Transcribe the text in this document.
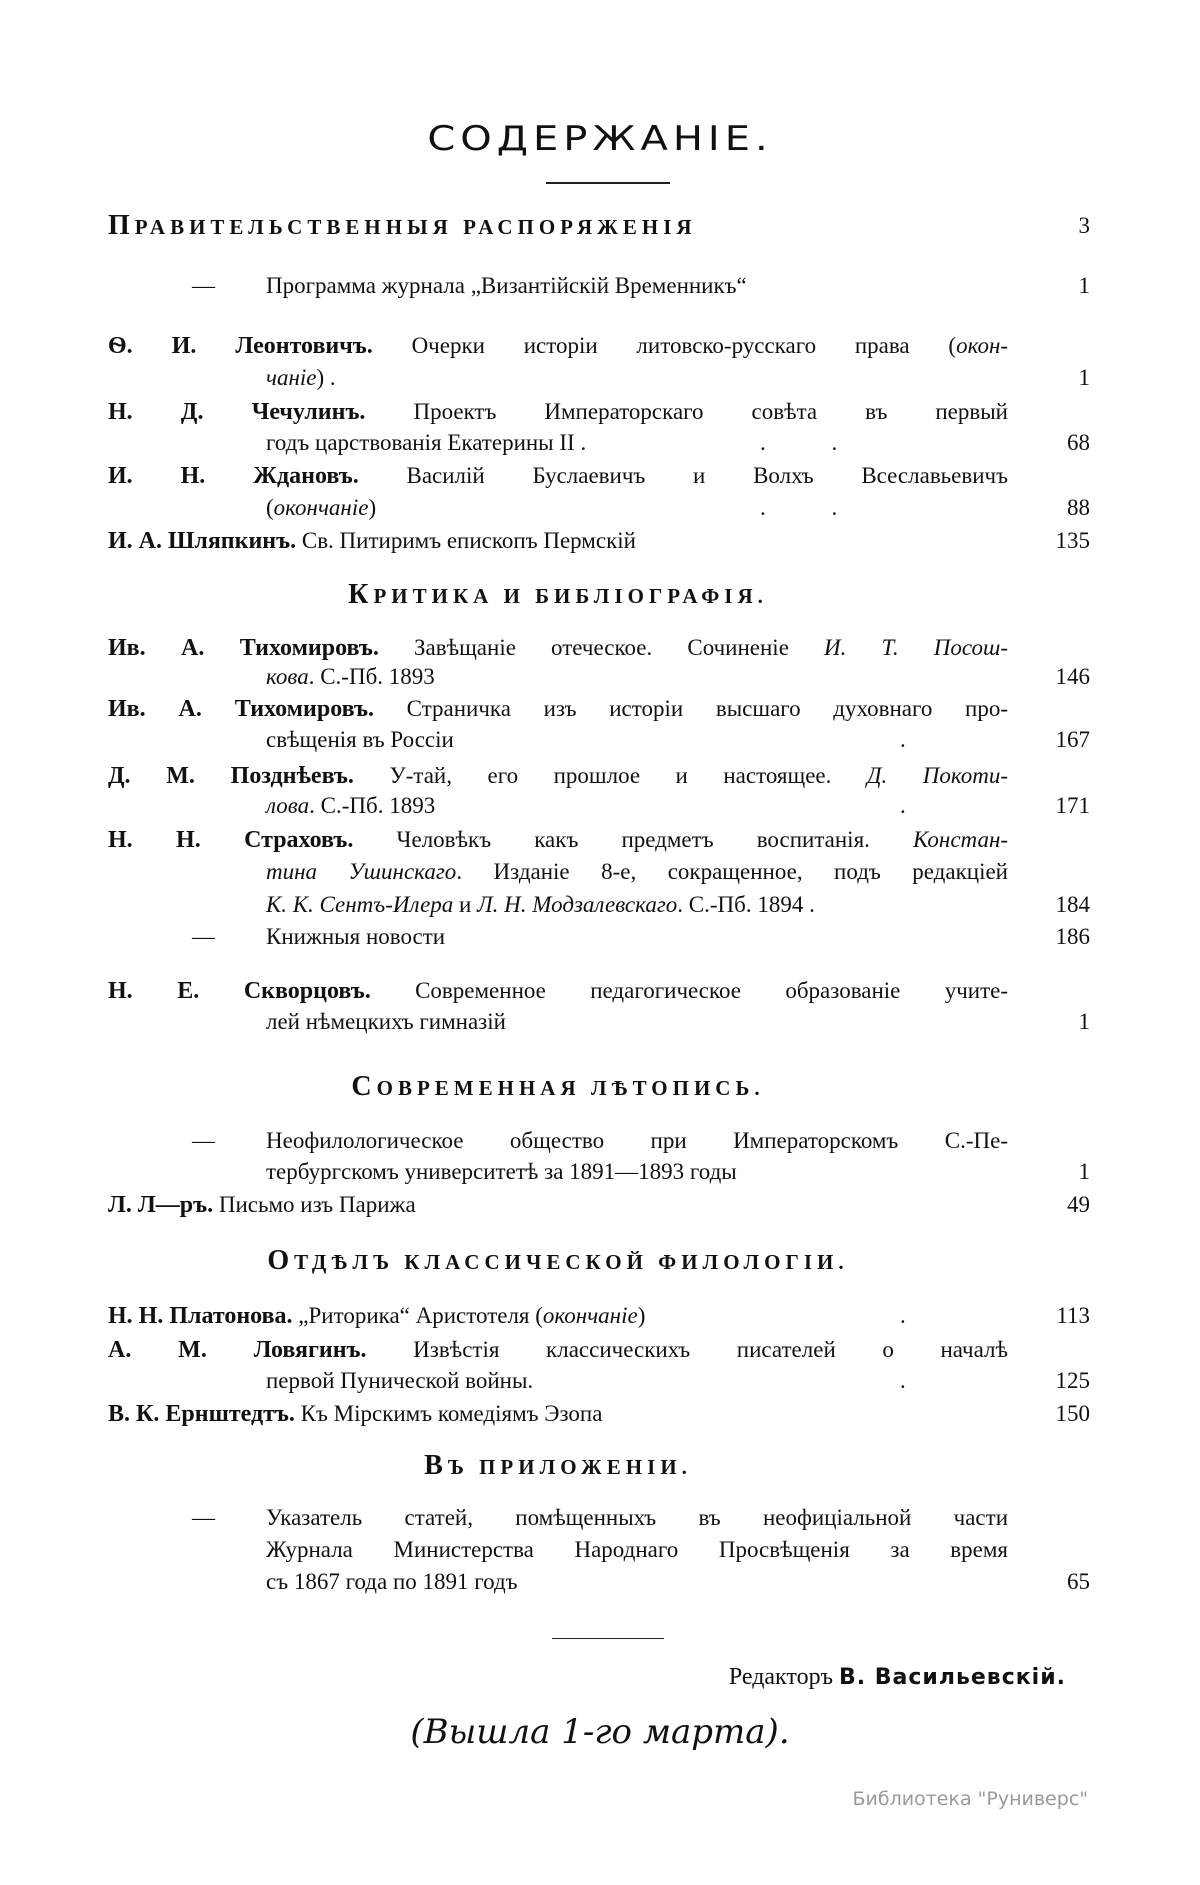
СОДЕРЖАНІЕ.
ПРАВИТЕЛЬСТВЕННЫЯ РАСПОРЯЖЕНІЯ	3
— Программа журнала „Византійскій Временникъ“	1
Ѳ. И. Леонтовичъ. Очерки исторіи литовско-русскаго права (окон-
чаніе) .	1
Н. Д. Чечулинъ. Проектъ Императорскаго совѣта въ первый
годъ царствованія Екатерины II .	. .	68
И. Н. Ждановъ. Василій Буслаевичъ и Волхъ Всеславьевичъ
(окончаніе)	. .	88
И. А. Шляпкинъ. Св. Питиримъ епископъ Пермскій	135
КРИТИКА И БИБЛІОГРАФІЯ.
Ив. А. Тихомировъ. Завѣщаніе отеческое. Сочиненіе И. Т. Посош-
кова. С.-Пб. 1893	146
Ив. А. Тихомировъ. Страничка изъ исторіи высшаго духовнаго про-
свѣщенія въ Россіи	.	167
Д. М. Позднѣевъ. У-тай, его прошлое и настоящее. Д. Покоти-
лова. С.-Пб. 1893	.	171
Н. Н. Страховъ. Человѣкъ какъ предметъ воспитанія. Констан-
тина Ушинскаго. Изданіе 8-е, сокращенное, подъ редакціей
К. К. Сентъ-Илера и Л. Н. Модзалевскаго. С.-Пб. 1894 .	184
— Книжныя новости	186
Н. Е. Скворцовъ. Современное педагогическое образованіе учите-
лей нѣмецкихъ гимназій	1
СОВРЕМЕННАЯ ЛѢТОПИСЬ.
— Неофилологическое общество при Императорскомъ С.-Пе-
тербургскомъ университетѣ за 1891—1893 годы	1
Л. Л—ръ. Письмо изъ Парижа	49
ОТДѢЛЪ КЛАССИЧЕСКОЙ ФИЛОЛОГІИ.
Н. Н. Платонова. „Риторика“ Аристотеля (окончаніе)	.	113
А. М. Ловягинъ. Извѣстія классическихъ писателей о началѣ
первой Пунической войны.	.	125
В. К. Ернштедтъ. Къ Мірскимъ комедіямъ Эзопа	150
ВЪ ПРИЛОЖЕНІИ.
— Указатель статей, помѣщенныхъ въ неофиціальной части
Журнала Министерства Народнаго Просвѣщенія за время
съ 1867 года по 1891 годъ	65
Редакторъ В. Васильевскій.
(Вышла 1-го марта).
Библиотека "Руниверс"
